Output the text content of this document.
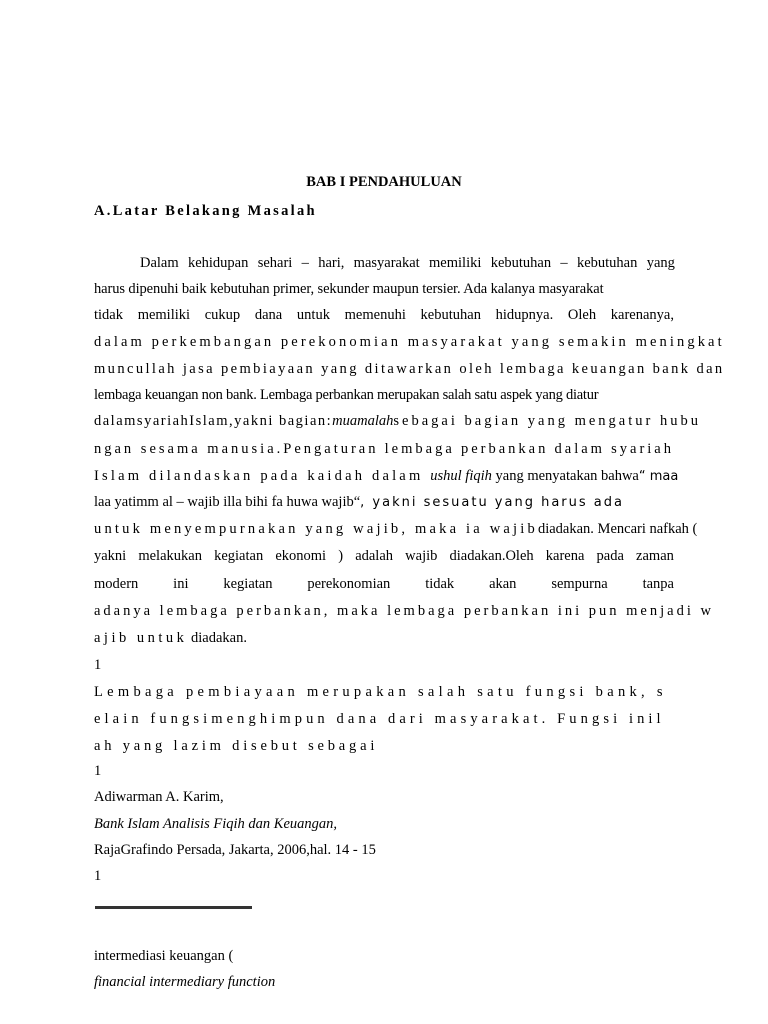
BAB I PENDAHULUAN
A.Latar Belakang Masalah
Dalam kehidupan sehari – hari, masyarakat memiliki kebutuhan – kebutuhan yang
harus dipenuhi baik kebutuhan primer, sekunder maupun tersier. Ada kalanya masyarakat
tidak memiliki cukup dana untuk memenuhi kebutuhan hidupnya. Oleh karenanya,
dalam perkembangan perekonomian masyarakat yang semakin meningkat
muncullah jasa pembiayaan yang ditawarkan oleh lembaga keuangan bank dan
lembaga keuangan non bank. Lembaga perbankan merupakan salah satu aspek yang diatur
dalamsyariahIslam,yakni bagian:muamalahsebagai bagian yang mengatur hubu
ngan sesama manusia.Pengaturan lembaga perbankan dalam syariah
Islam dilandaskan pada kaidah dalam ushul fiqih yang menyatakan bahwa“ maa
laa yatimm al – wajib illa bihi fa huwa wajib“, yakni sesuatu yang harus ada
untuk menyempurnakan yang wajib, maka ia wajibdiadakan. Mencari nafkah (
yakni melakukan kegiatan ekonomi ) adalah wajib diadakan.Oleh karena pada zaman
modern ini kegiatan perekonomian tidak akan sempurna tanpa
adanya lembaga perbankan, maka lembaga perbankan ini pun menjadi w
ajib untuk diadakan.
1
Lembaga pembiayaan merupakan salah satu fungsi bank, s
elain fungsimenghimpun dana dari masyarakat. Fungsi inil
ah yang lazim disebut sebagai
1
Adiwarman A. Karim,
Bank Islam Analisis Fiqih dan Keuangan,
RajaGrafindo Persada, Jakarta, 2006,hal. 14 - 15
1
intermediasi keuangan (
financial intermediary function
